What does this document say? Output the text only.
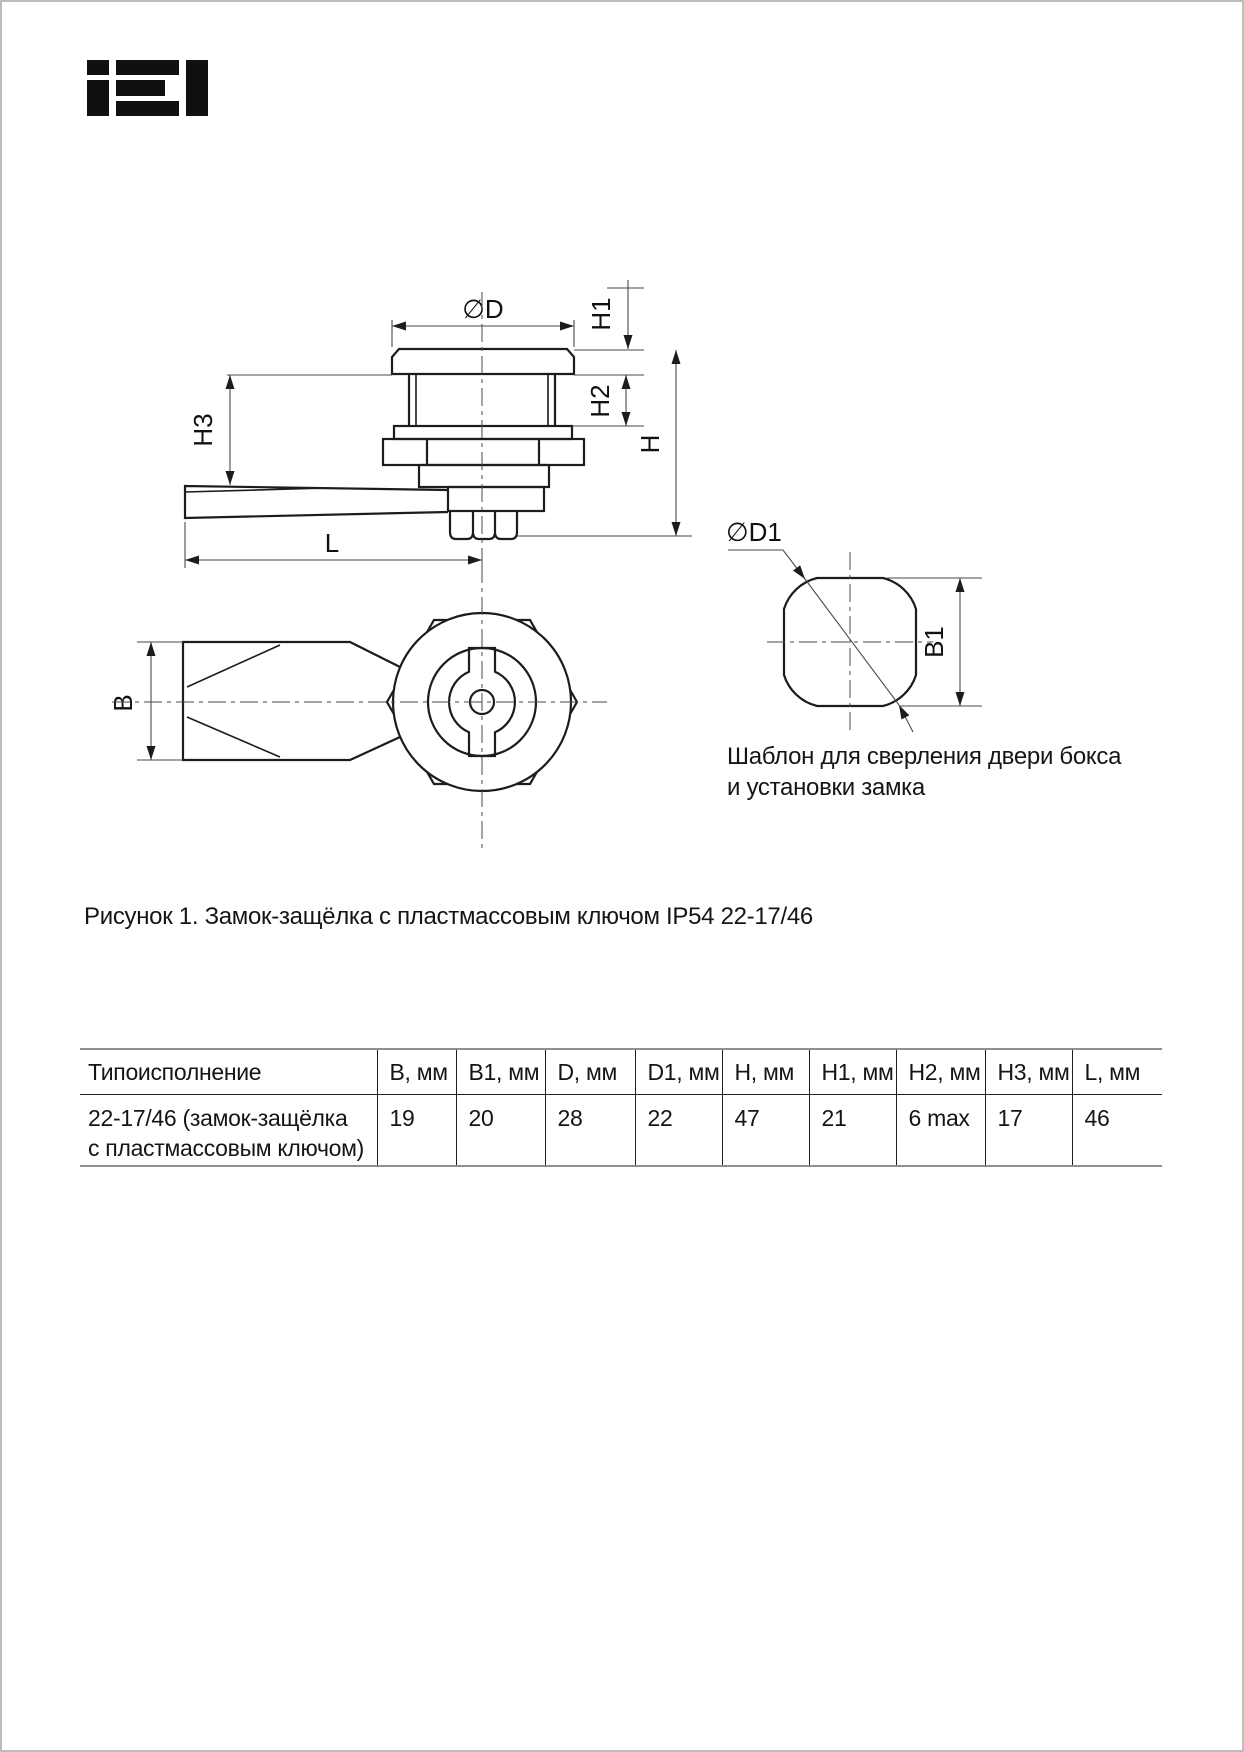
∅D	H1
H2
H
H3
L
B
∅D1
B1
Шаблон для сверления двери бокса
и установки замка
Рисунок 1. Замок-защёлка с пластмассовым ключом IP54 22-17/46
Типоисполнение	B, мм	B1, мм	D, мм	D1, мм	H, мм	H1, мм	H2, мм	H3, мм	L, мм

22-17/46 (замок-защёлка
с пластмассовым ключом)	19	20	28	22	47	21	6 max	17	46
